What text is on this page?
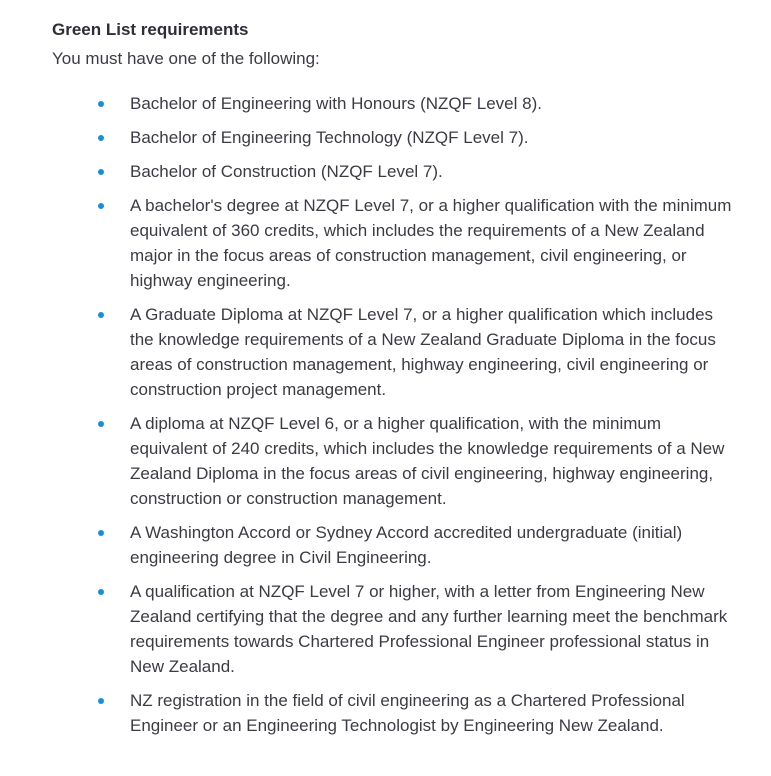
Green List requirements

You must have one of the following:

Bachelor of Engineering with Honours (NZQF Level 8).
Bachelor of Engineering Technology (NZQF Level 7).
Bachelor of Construction (NZQF Level 7).
A bachelor's degree at NZQF Level 7, or a higher qualification with the minimum equivalent of 360 credits, which includes the requirements of a New Zealand major in the focus areas of construction management, civil engineering, or highway engineering.
A Graduate Diploma at NZQF Level 7, or a higher qualification which includes the knowledge requirements of a New Zealand Graduate Diploma in the focus areas of construction management, highway engineering, civil engineering or construction project management.
A diploma at NZQF Level 6, or a higher qualification, with the minimum equivalent of 240 credits, which includes the knowledge requirements of a New Zealand Diploma in the focus areas of civil engineering, highway engineering, construction or construction management.
A Washington Accord or Sydney Accord accredited undergraduate (initial) engineering degree in Civil Engineering.
A qualification at NZQF Level 7 or higher, with a letter from Engineering New Zealand certifying that the degree and any further learning meet the benchmark requirements towards Chartered Professional Engineer professional status in New Zealand.
NZ registration in the field of civil engineering as a Chartered Professional Engineer or an Engineering Technologist by Engineering New Zealand.
